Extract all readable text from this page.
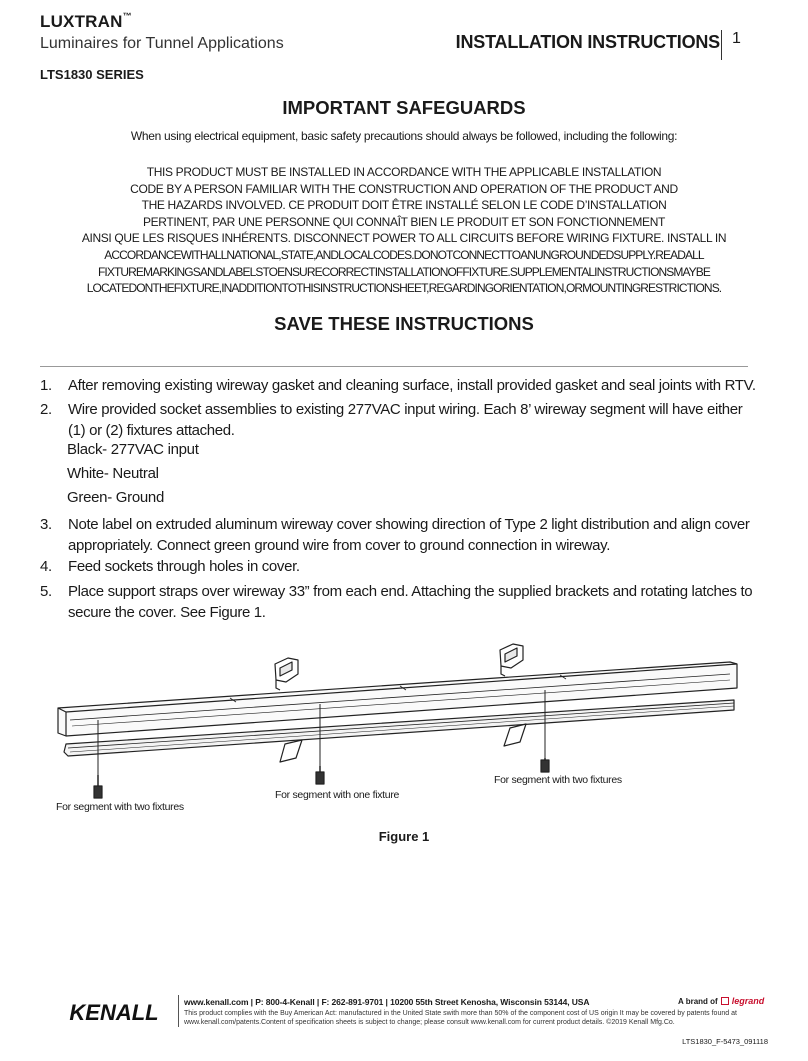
LUXTRAN™
Luminaires for Tunnel Applications	INSTALLATION INSTRUCTIONS 1
LTS1830 SERIES
IMPORTANT SAFEGUARDS
When using electrical equipment, basic safety precautions should always be followed, including the following:
THIS PRODUCT MUST BE INSTALLED IN ACCORDANCE WITH THE APPLICABLE INSTALLATION
CODE BY A PERSON FAMILIAR WITH THE CONSTRUCTION AND OPERATION OF THE PRODUCT AND
THE HAZARDS INVOLVED. CE PRODUIT DOIT ÊTRE INSTALLÉ SELON LE CODE D’INSTALLATION
PERTINENT, PAR UNE PERSONNE QUI CONNAÎT BIEN LE PRODUIT ET SON FONCTIONNEMENT
AINSI QUE LES RISQUES INHÉRENTS. DISCONNECT POWER TO ALL CIRCUITS BEFORE WIRING FIXTURE. INSTALL IN
ACCORDANCEWITHALLNATIONAL,STATE,ANDLOCALCODES.DONOTCONNECTTOANUNGROUNDEDSUPPLY.READALL
FIXTUREMARKINGSANDLABELSTOENSURECORRECTINSTALLATIONOFFIXTURE.SUPPLEMENTALINSTRUCTIONSMAYBE
LOCATEDONTHEFIXTURE,INADDITIONTOTHISINSTRUCTIONSHEET,REGARDINGORIENTATION,ORMOUNTINGRESTRICTIONS.
SAVE THESE INSTRUCTIONS
1. After removing existing wireway gasket and cleaning surface, install provided gasket and seal joints with RTV.
2. Wire provided socket assemblies to existing 277VAC input wiring. Each 8’ wireway segment will have either (1) or (2) fixtures attached.
Black- 277VAC input
White- Neutral
Green- Ground
3. Note label on extruded aluminum wireway cover showing direction of Type 2 light distribution and align cover appropriately. Connect green ground wire from cover to ground connection in wireway.
4. Feed sockets through holes in cover.
5. Place support straps over wireway 33” from each end. Attaching the supplied brackets and rotating latches to secure the cover. See Figure 1.
For segment with two fixtures
For segment with one fixture
For segment with two fixtures
Figure 1
KENALL	www.kenall.com | P: 800-4-Kenall | F: 262-891-9701 | 10200 55th Street Kenosha, Wisconsin 53144, USA
This product complies with the Buy American Act: manufactured in the United State swith more than 50% of the component cost of US origin It may be covered by patents found at www.kenall.com/patents.Content of specification sheets is subject to change; please consult www.kenall.com for current product details. ©2019 Kenall Mfg.Co.
A brand of legrand
LTS1830_F-5473_091118
